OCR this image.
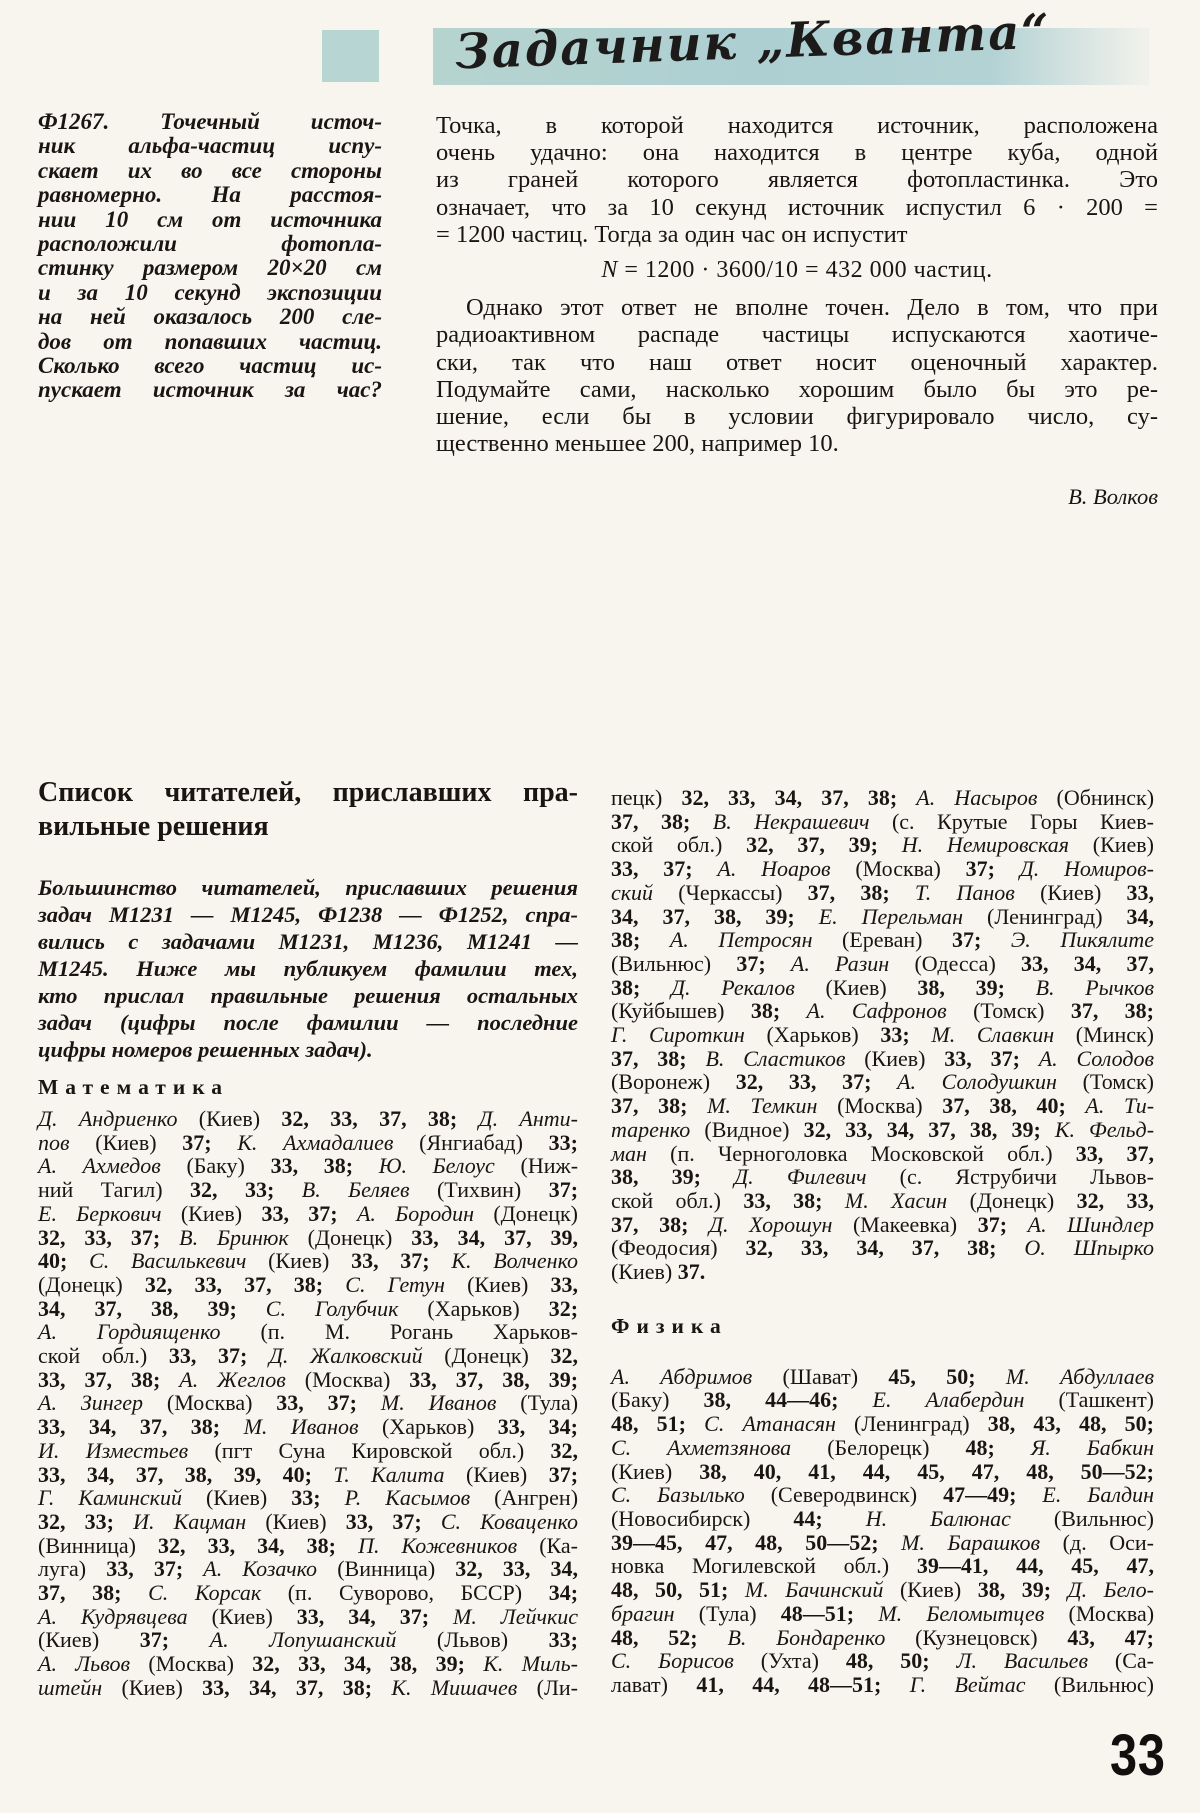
Задачник „Кванта“
Ф1267. Точечный источ-
ник альфа-частиц испу-
скает их во все стороны
равномерно. На расстоя-
нии 10 см от источника
расположили фотопла-
стинку размером 20×20 см
и за 10 секунд экспозиции
на ней оказалось 200 сле-
дов от попавших частиц.
Сколько всего частиц ис-
пускает источник за час?
Точка, в которой находится источник, расположена
очень удачно: она находится в центре куба, одной
из граней которого является фотопластинка. Это
означает, что за 10 секунд источник испустил 6 · 200 =
= 1200 частиц. Тогда за один час он испустит
N = 1200 · 3600/10 = 432 000 частиц.
Однако этот ответ не вполне точен. Дело в том, что при
радиоактивном распаде частицы испускаются хаотиче-
ски, так что наш ответ носит оценочный характер.
Подумайте сами, насколько хорошим было бы это ре-
шение, если бы в условии фигурировало число, су-
щественно меньшее 200, например 10.
В. Волков
Список читателей, приславших пра-
вильные решения
Большинство читателей, приславших решения
задач М1231 — М1245, Ф1238 — Ф1252, спра-
вились с задачами М1231, М1236, М1241 —
М1245. Ниже мы публикуем фамилии тех,
кто прислал правильные решения остальных
задач (цифры после фамилии — последние
цифры номеров решенных задач).
Математика
Д. Андриенко (Киев) 32, 33, 37, 38; Д. Анти-
пов (Киев) 37; К. Ахмадалиев (Янгиабад) 33;
А. Ахмедов (Баку) 33, 38; Ю. Белоус (Ниж-
ний Тагил) 32, 33; В. Беляев (Тихвин) 37;
Е. Беркович (Киев) 33, 37; А. Бородин (Донецк)
32, 33, 37; В. Бринюк (Донецк) 33, 34, 37, 39,
40; С. Василькевич (Киев) 33, 37; К. Волченко
(Донецк) 32, 33, 37, 38; С. Гетун (Киев) 33,
34, 37, 38, 39; С. Голубчик (Харьков) 32;
А. Гордиященко (п. М. Рогань Харьков-
ской обл.) 33, 37; Д. Жалковский (Донецк) 32,
33, 37, 38; А. Жеглов (Москва) 33, 37, 38, 39;
А. Зингер (Москва) 33, 37; М. Иванов (Тула)
33, 34, 37, 38; М. Иванов (Харьков) 33, 34;
И. Изместьев (пгт Суна Кировской обл.) 32,
33, 34, 37, 38, 39, 40; Т. Калита (Киев) 37;
Г. Каминский (Киев) 33; Р. Касымов (Ангрен)
32, 33; И. Кацман (Киев) 33, 37; С. Коваценко
(Винница) 32, 33, 34, 38; П. Кожевников (Ка-
луга) 33, 37; А. Козачко (Винница) 32, 33, 34,
37, 38; С. Корсак (п. Суворово, БССР) 34;
А. Кудрявцева (Киев) 33, 34, 37; М. Лейчкис
(Киев) 37; А. Лопушанский (Львов) 33;
А. Львов (Москва) 32, 33, 34, 38, 39; К. Миль-
штейн (Киев) 33, 34, 37, 38; К. Мишачев (Ли-
пецк) 32, 33, 34, 37, 38; А. Насыров (Обнинск)
37, 38; В. Некрашевич (с. Крутые Горы Киев-
ской обл.) 32, 37, 39; Н. Немировская (Киев)
33, 37; А. Ноаров (Москва) 37; Д. Номиров-
ский (Черкассы) 37, 38; Т. Панов (Киев) 33,
34, 37, 38, 39; Е. Перельман (Ленинград) 34,
38; А. Петросян (Ереван) 37; Э. Пикялите
(Вильнюс) 37; А. Разин (Одесса) 33, 34, 37,
38; Д. Рекалов (Киев) 38, 39; В. Рычков
(Куйбышев) 38; А. Сафронов (Томск) 37, 38;
Г. Сироткин (Харьков) 33; М. Славкин (Минск)
37, 38; В. Сластиков (Киев) 33, 37; А. Солодов
(Воронеж) 32, 33, 37; А. Солодушкин (Томск)
37, 38; М. Темкин (Москва) 37, 38, 40; А. Ти-
таренко (Видное) 32, 33, 34, 37, 38, 39; К. Фельд-
ман (п. Черноголовка Московской обл.) 33, 37,
38, 39; Д. Филевич (с. Яструбичи Львов-
ской обл.) 33, 38; М. Хасин (Донецк) 32, 33,
37, 38; Д. Хорошун (Макеевка) 37; А. Шиндлер
(Феодосия) 32, 33, 34, 37, 38; О. Шпырко
(Киев) 37.
Физика
А. Абдримов (Шават) 45, 50; М. Абдуллаев
(Баку) 38, 44—46; Е. Алабердин (Ташкент)
48, 51; С. Атанасян (Ленинград) 38, 43, 48, 50;
С. Ахметзянова (Белорецк) 48; Я. Бабкин
(Киев) 38, 40, 41, 44, 45, 47, 48, 50—52;
С. Базылько (Северодвинск) 47—49; Е. Балдин
(Новосибирск) 44; Н. Балюнас (Вильнюс)
39—45, 47, 48, 50—52; М. Барашков (д. Оси-
новка Могилевской обл.) 39—41, 44, 45, 47,
48, 50, 51; М. Бачинский (Киев) 38, 39; Д. Бело-
брагин (Тула) 48—51; М. Беломытцев (Москва)
48, 52; В. Бондаренко (Кузнецовск) 43, 47;
С. Борисов (Ухта) 48, 50; Л. Васильев (Са-
лават) 41, 44, 48—51; Г. Вейтас (Вильнюс)
33
